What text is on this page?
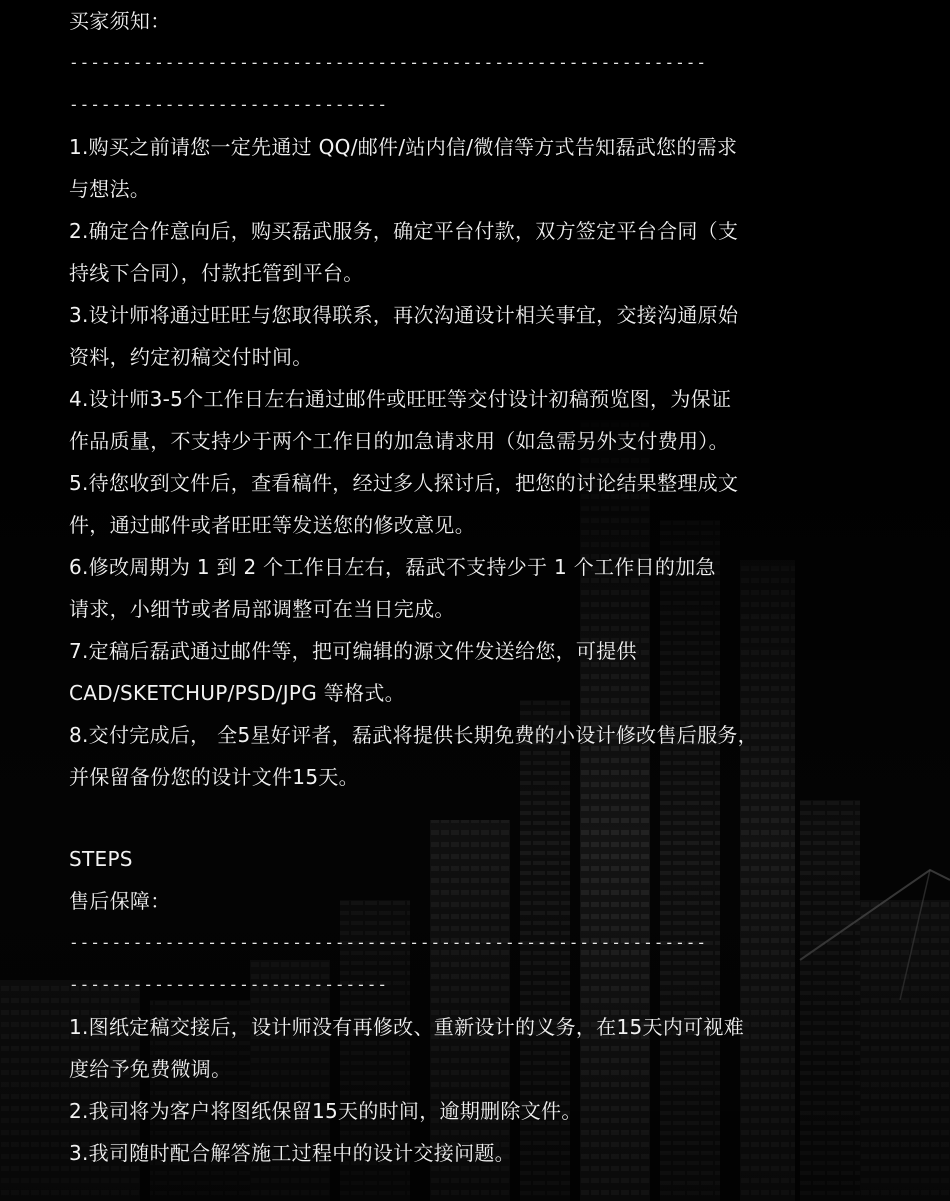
买家须知：
------------------------------------------------------------
------------------------------
1.购买之前请您一定先通过 QQ/邮件/站内信/微信等方式告知磊武您的需求
与想法。
2.确定合作意向后，购买磊武服务，确定平台付款，双方签定平台合同（支
持线下合同），付款托管到平台。
3.设计师将通过旺旺与您取得联系，再次沟通设计相关事宜，交接沟通原始
资料，约定初稿交付时间。
4.设计师3-5个工作日左右通过邮件或旺旺等交付设计初稿预览图，为保证
作品质量，不支持少于两个工作日的加急请求用（如急需另外支付费用）。
5.待您收到文件后，查看稿件，经过多人探讨后，把您的讨论结果整理成文
件，通过邮件或者旺旺等发送您的修改意见。
6.修改周期为 1 到 2 个工作日左右，磊武不支持少于 1 个工作日的加急
请求，小细节或者局部调整可在当日完成。
7.定稿后磊武通过邮件等，把可编辑的源文件发送给您，可提供
CAD/SKETCHUP/PSD/JPG 等格式。
8.交付完成后， 全5星好评者，磊武将提供长期免费的小设计修改售后服务，
并保留备份您的设计文件15天。
STEPS
售后保障：
------------------------------------------------------------
------------------------------
1.图纸定稿交接后，设计师没有再修改、重新设计的义务，在15天内可视难
度给予免费微调。
2.我司将为客户将图纸保留15天的时间，逾期删除文件。
3.我司随时配合解答施工过程中的设计交接问题。
